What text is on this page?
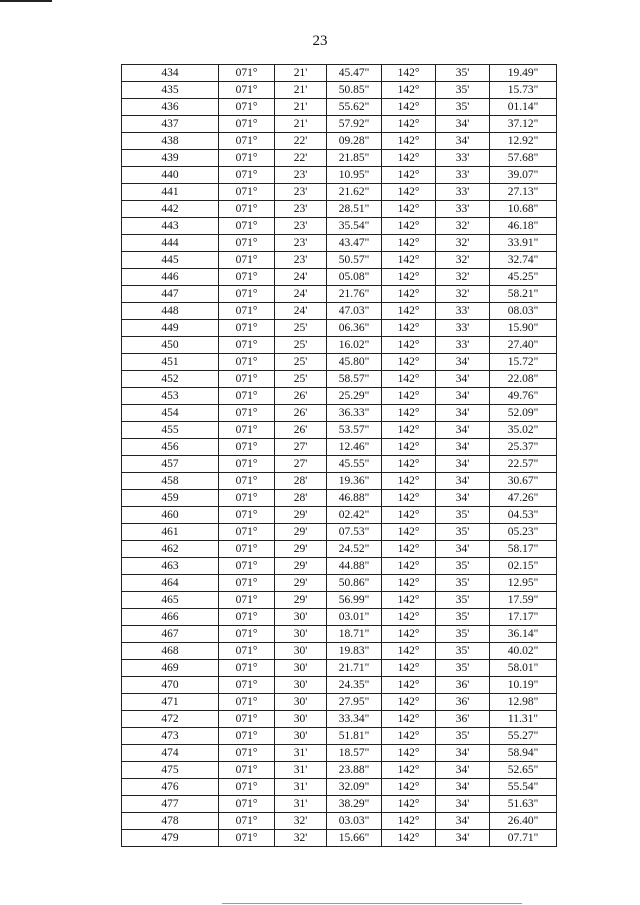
23
434	071°	21'	45.47"	142°	35'	19.49"
435	071°	21'	50.85"	142°	35'	15.73"
436	071°	21'	55.62"	142°	35'	01.14"
437	071°	21'	57.92"	142°	34'	37.12"
438	071°	22'	09.28"	142°	34'	12.92"
439	071°	22'	21.85"	142°	33'	57.68"
440	071°	23'	10.95"	142°	33'	39.07"
441	071°	23'	21.62"	142°	33'	27.13"
442	071°	23'	28.51"	142°	33'	10.68"
443	071°	23'	35.54"	142°	32'	46.18"
444	071°	23'	43.47"	142°	32'	33.91"
445	071°	23'	50.57"	142°	32'	32.74"
446	071°	24'	05.08"	142°	32'	45.25"
447	071°	24'	21.76"	142°	32'	58.21"
448	071°	24'	47.03"	142°	33'	08.03"
449	071°	25'	06.36"	142°	33'	15.90"
450	071°	25'	16.02"	142°	33'	27.40"
451	071°	25'	45.80"	142°	34'	15.72"
452	071°	25'	58.57"	142°	34'	22.08"
453	071°	26'	25.29"	142°	34'	49.76"
454	071°	26'	36.33"	142°	34'	52.09"
455	071°	26'	53.57"	142°	34'	35.02"
456	071°	27'	12.46"	142°	34'	25.37"
457	071°	27'	45.55"	142°	34'	22.57"
458	071°	28'	19.36"	142°	34'	30.67"
459	071°	28'	46.88"	142°	34'	47.26"
460	071°	29'	02.42"	142°	35'	04.53"
461	071°	29'	07.53"	142°	35'	05.23"
462	071°	29'	24.52"	142°	34'	58.17"
463	071°	29'	44.88"	142°	35'	02.15"
464	071°	29'	50.86"	142°	35'	12.95"
465	071°	29'	56.99"	142°	35'	17.59"
466	071°	30'	03.01"	142°	35'	17.17"
467	071°	30'	18.71"	142°	35'	36.14"
468	071°	30'	19.83"	142°	35'	40.02"
469	071°	30'	21.71"	142°	35'	58.01"
470	071°	30'	24.35"	142°	36'	10.19"
471	071°	30'	27.95"	142°	36'	12.98"
472	071°	30'	33.34"	142°	36'	11.31"
473	071°	30'	51.81"	142°	35'	55.27"
474	071°	31'	18.57"	142°	34'	58.94"
475	071°	31'	23.88"	142°	34'	52.65"
476	071°	31'	32.09"	142°	34'	55.54"
477	071°	31'	38.29"	142°	34'	51.63"
478	071°	32'	03.03"	142°	34'	26.40"
479	071°	32'	15.66"	142°	34'	07.71"
